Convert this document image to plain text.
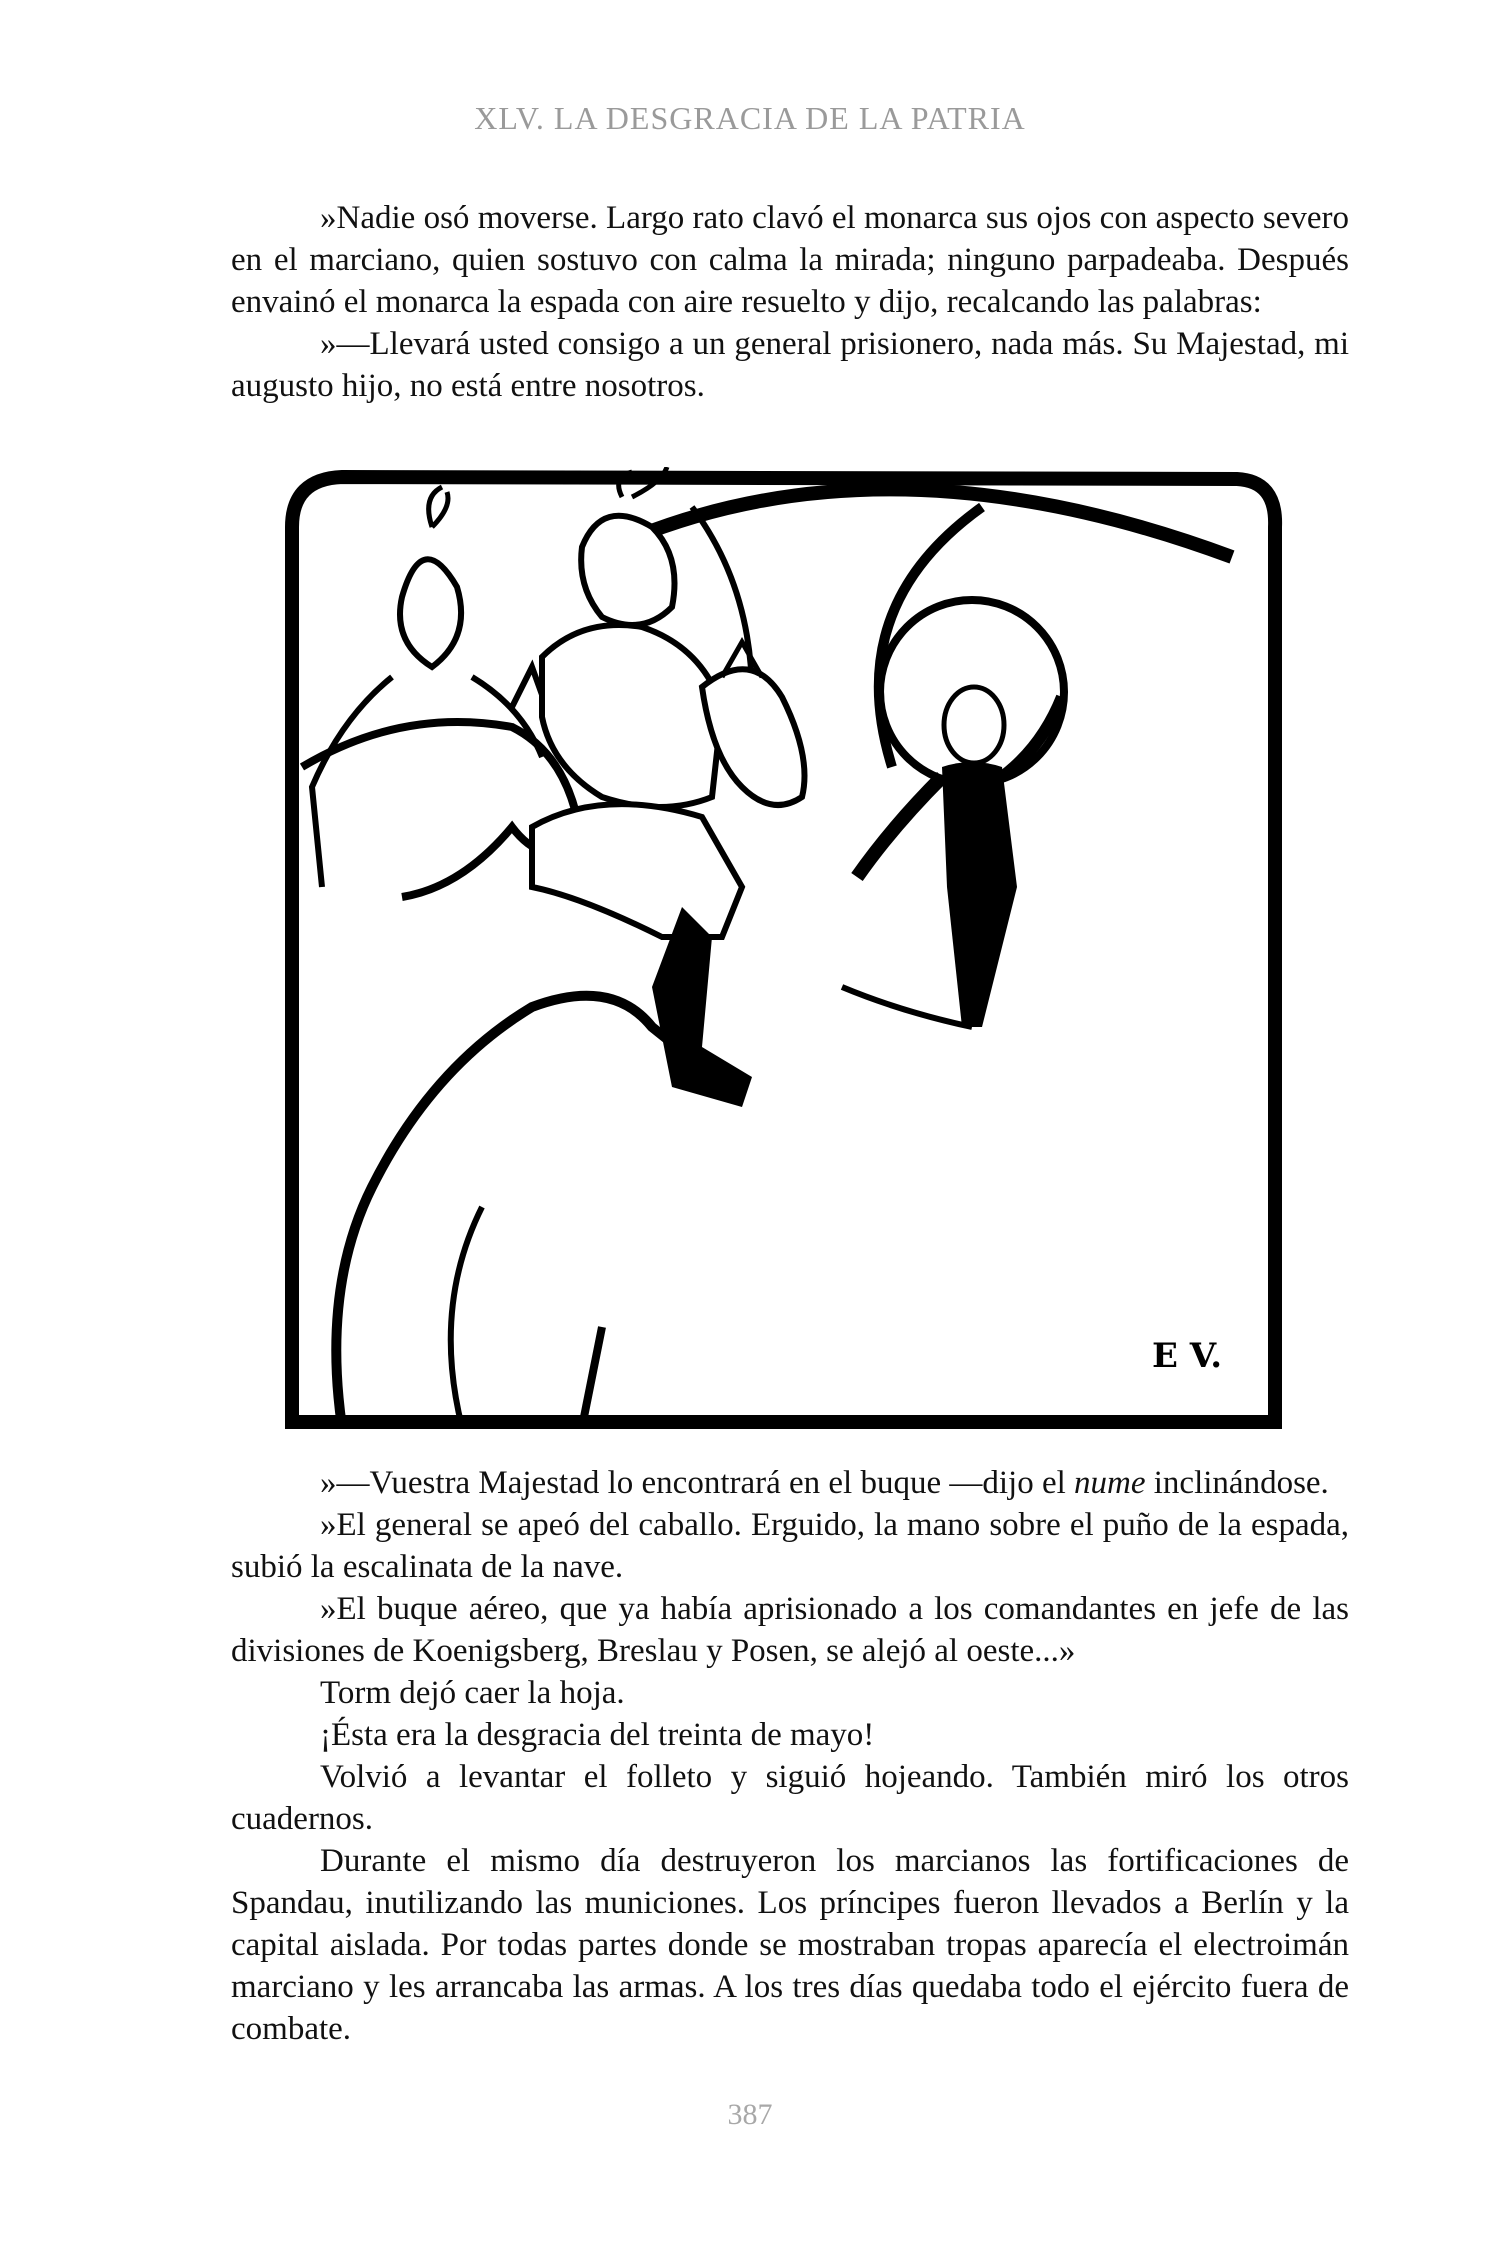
XLV. LA DESGRACIA DE LA PATRIA

»Nadie osó moverse. Largo rato clavó el monarca sus ojos con aspecto severo en el marciano, quien sostuvo con calma la mirada; ninguno parpadeaba. Después envainó el monarca la espada con aire resuelto y dijo, recalcando las palabras:

»—Llevará usted consigo a un general prisionero, nada más. Su Majestad, mi augusto hijo, no está entre nosotros.

E V.

»—Vuestra Majestad lo encontrará en el buque —dijo el nume inclinándose.

»El general se apeó del caballo. Erguido, la mano sobre el puño de la espada, subió la escalinata de la nave.

»El buque aéreo, que ya había aprisionado a los comandantes en jefe de las divisiones de Koenigsberg, Breslau y Posen, se alejó al oeste...»

Torm dejó caer la hoja.

¡Ésta era la desgracia del treinta de mayo!

Volvió a levantar el folleto y siguió hojeando. También miró los otros cuadernos.

Durante el mismo día destruyeron los marcianos las fortificaciones de Spandau, inutilizando las municiones. Los príncipes fueron llevados a Berlín y la capital aislada. Por todas partes donde se mostraban tropas aparecía el electroimán marciano y les arrancaba las armas. A los tres días quedaba todo el ejército fuera de combate.

387
